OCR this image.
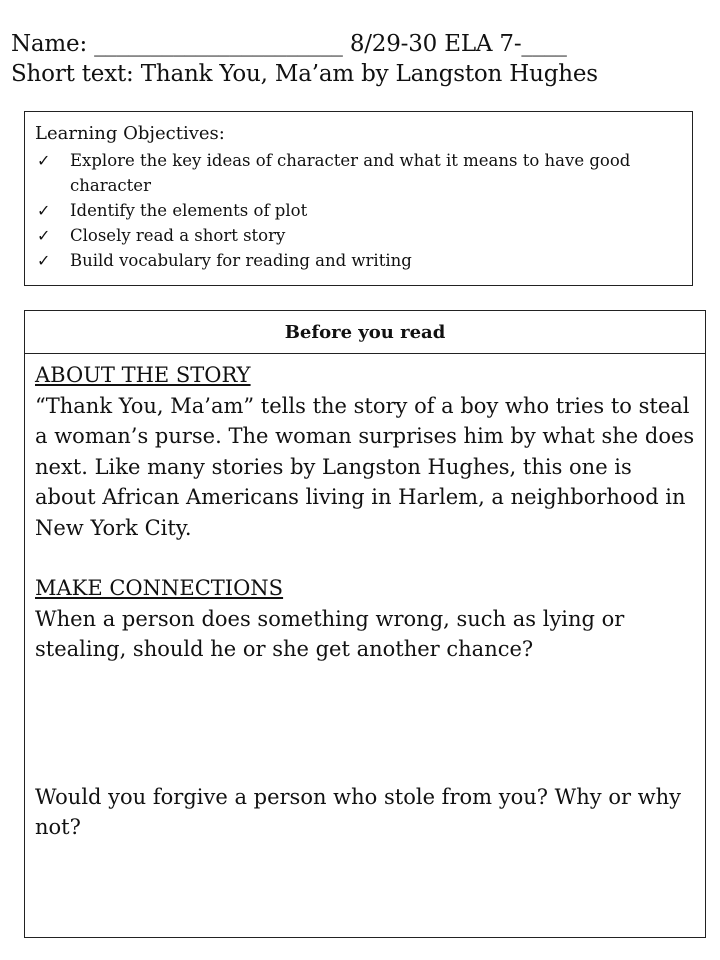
Name: ______________________ 8/29-30 ELA 7-____
Short text: Thank You, Ma’am by Langston Hughes
Learning Objectives:
✓ Explore the key ideas of character and what it means to have good character
✓ Identify the elements of plot
✓ Closely read a short story
✓ Build vocabulary for reading and writing
Before you read
ABOUT THE STORY
“Thank You, Ma’am” tells the story of a boy who tries to steal a woman’s purse. The woman surprises him by what she does next. Like many stories by Langston Hughes, this one is about African Americans living in Harlem, a neighborhood in New York City.
MAKE CONNECTIONS
When a person does something wrong, such as lying or stealing, should he or she get another chance?
Would you forgive a person who stole from you? Why or why not?
